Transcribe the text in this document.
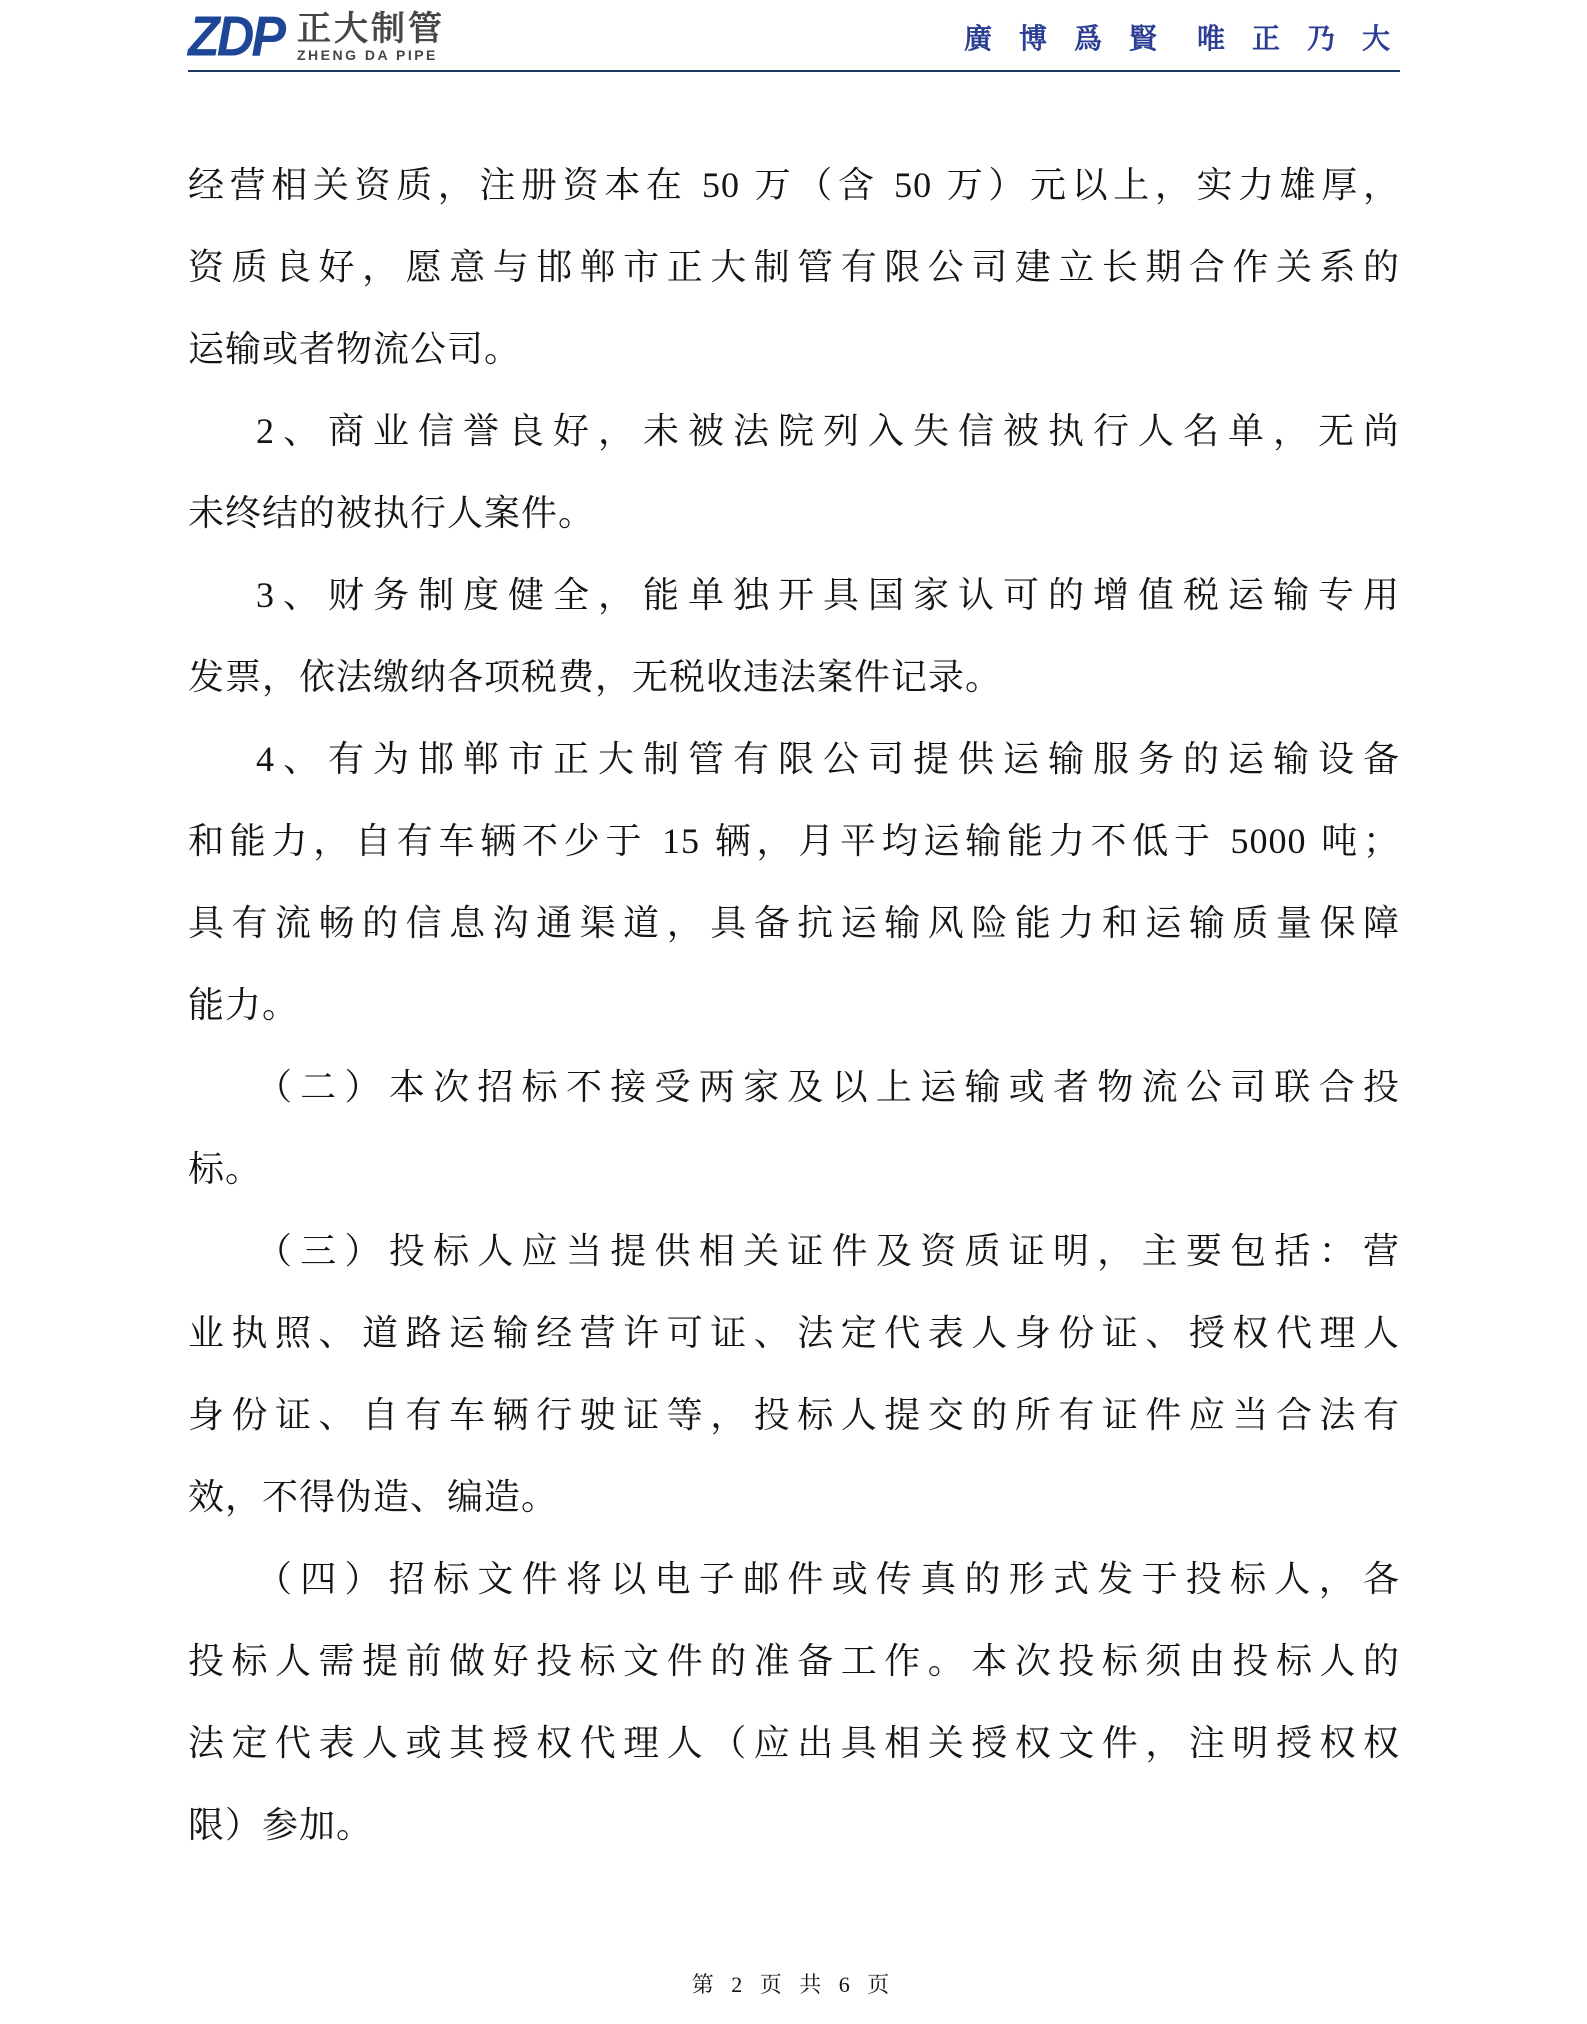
ZDP 正大制管
ZHENG DA PIPE	廣 博 爲 賢 唯 正 乃 大
经营相关资质，注册资本在 50 万（含 50 万）元以上，实力雄厚，
资质良好，愿意与邯郸市正大制管有限公司建立长期合作关系的
运输或者物流公司。
2、商业信誉良好，未被法院列入失信被执行人名单，无尚
未终结的被执行人案件。
3、财务制度健全，能单独开具国家认可的增值税运输专用
发票，依法缴纳各项税费，无税收违法案件记录。
4、有为邯郸市正大制管有限公司提供运输服务的运输设备
和能力，自有车辆不少于 15 辆，月平均运输能力不低于 5000 吨；
具有流畅的信息沟通渠道，具备抗运输风险能力和运输质量保障
能力。
（二）本次招标不接受两家及以上运输或者物流公司联合投
标。
（三）投标人应当提供相关证件及资质证明，主要包括：营
业执照、道路运输经营许可证、法定代表人身份证、授权代理人
身份证、自有车辆行驶证等，投标人提交的所有证件应当合法有
效，不得伪造、编造。
（四）招标文件将以电子邮件或传真的形式发于投标人，各
投标人需提前做好投标文件的准备工作。本次投标须由投标人的
法定代表人或其授权代理人（应出具相关授权文件，注明授权权
限）参加。
第 2 页 共 6 页
